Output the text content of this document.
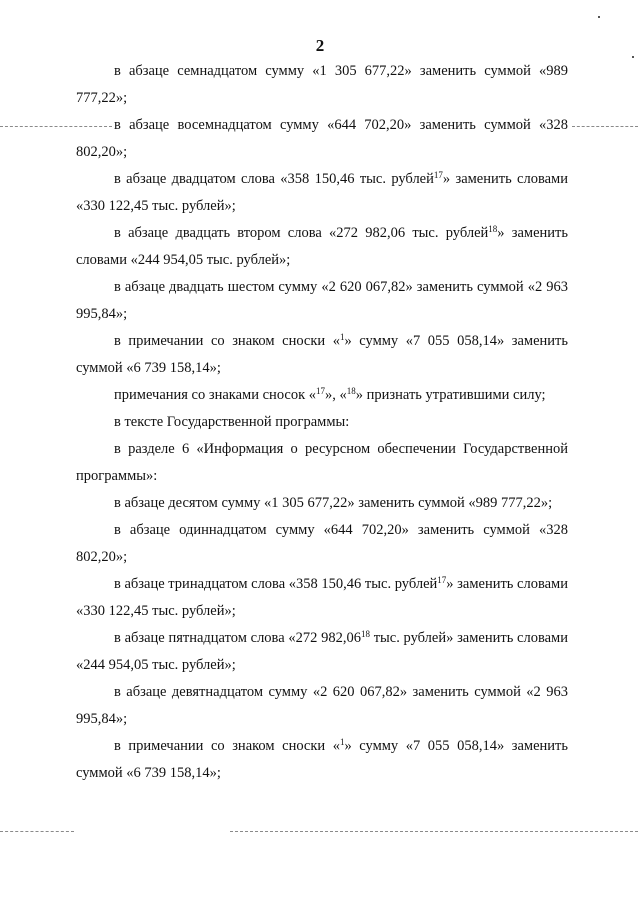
2

в абзаце семнадцатом сумму «1 305 677,22» заменить суммой «989 777,22»;

в абзаце восемнадцатом сумму «644 702,20» заменить суммой «328 802,20»;

в абзаце двадцатом слова «358 150,46 тыс. рублей$^{17}$» заменить словами «330 122,45 тыс. рублей»;

в абзаце двадцать втором слова «272 982,06 тыс. рублей$^{18}$» заменить словами «244 954,05 тыс. рублей»;

в абзаце двадцать шестом сумму «2 620 067,82» заменить суммой «2 963 995,84»;

в примечании со знаком сноски «$^1$» сумму «7 055 058,14» заменить суммой «6 739 158,14»;

примечания со знаками сносок «$^{17}$», «$^{18}$» признать утратившими силу;

в тексте Государственной программы:

в разделе 6 «Информация о ресурсном обеспечении Государственной программы»:

в абзаце десятом сумму «1 305 677,22» заменить суммой «989 777,22»;

в абзаце одиннадцатом сумму «644 702,20» заменить суммой «328 802,20»;

в абзаце тринадцатом слова «358 150,46 тыс. рублей$^{17}$» заменить словами «330 122,45 тыс. рублей»;

в абзаце пятнадцатом слова «272 982,06$^{18}$ тыс. рублей» заменить словами «244 954,05 тыс. рублей»;

в абзаце девятнадцатом сумму «2 620 067,82» заменить суммой «2 963 995,84»;

в примечании со знаком сноски «$^1$» сумму «7 055 058,14» заменить суммой «6 739 158,14»;
